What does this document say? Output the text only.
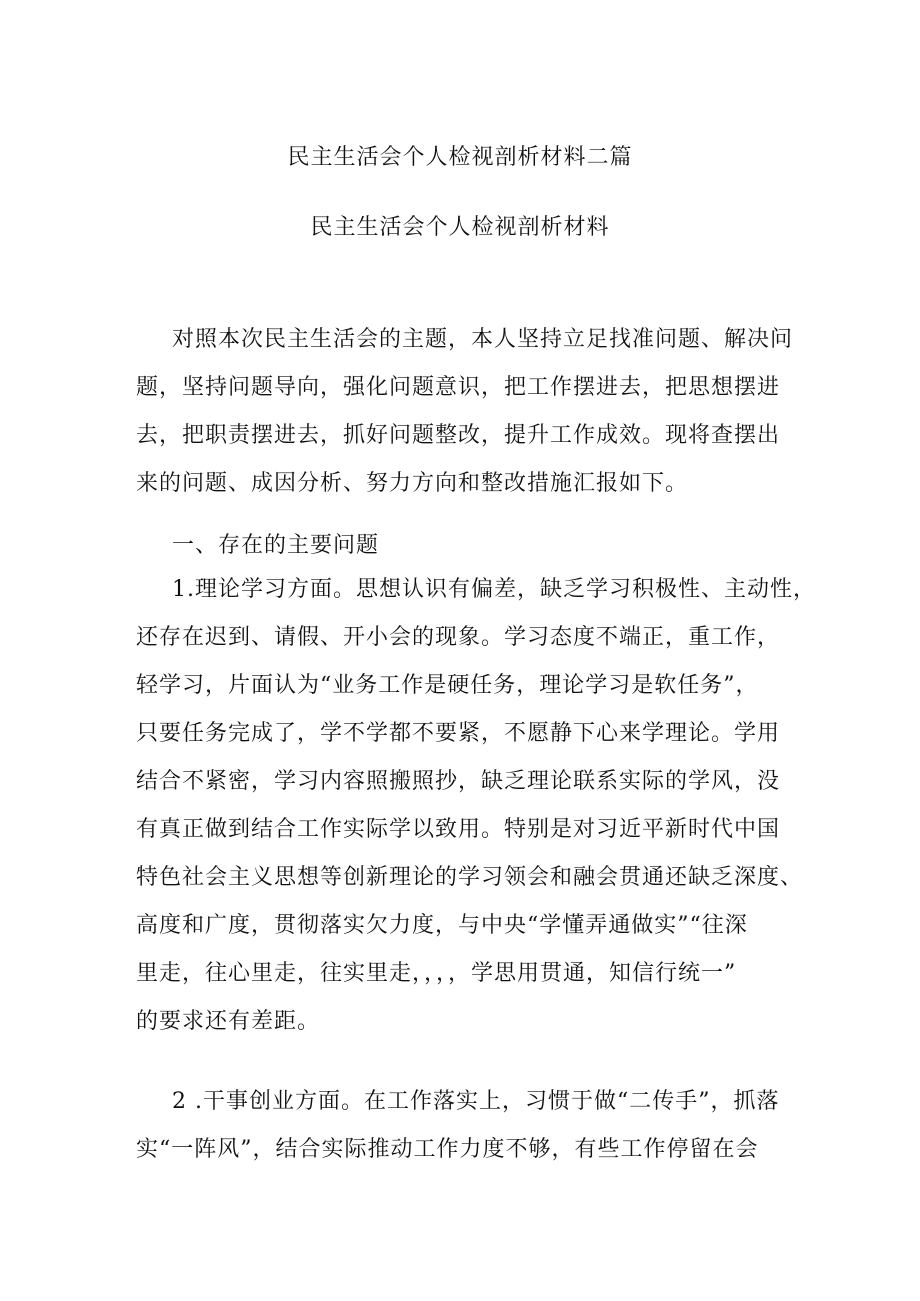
民主生活会个人检视剖析材料二篇
民主生活会个人检视剖析材料
对照本次民主生活会的主题，本人坚持立足找准问题、解决问
题，坚持问题导向，强化问题意识，把工作摆进去，把思想摆进
去，把职责摆进去，抓好问题整改，提升工作成效。现将查摆出
来的问题、成因分析、努力方向和整改措施汇报如下。
一、存在的主要问题
1.理论学习方面。思想认识有偏差，缺乏学习积极性、主动性，
还存在迟到、请假、开小会的现象。学习态度不端正，重工作，
轻学习，片面认为“业务工作是硬任务，理论学习是软任务”，
只要任务完成了，学不学都不要紧，不愿静下心来学理论。学用
结合不紧密，学习内容照搬照抄，缺乏理论联系实际的学风，没
有真正做到结合工作实际学以致用。特别是对习近平新时代中国
特色社会主义思想等创新理论的学习领会和融会贯通还缺乏深度、
高度和广度，贯彻落实欠力度，与中央“学懂弄通做实”“往深
里走，往心里走，往实里走，，，，学思用贯通，知信行统一”
的要求还有差距。
2 .干事创业方面。在工作落实上，习惯于做“二传手”，抓落
实“一阵风”，结合实际推动工作力度不够，有些工作停留在会
